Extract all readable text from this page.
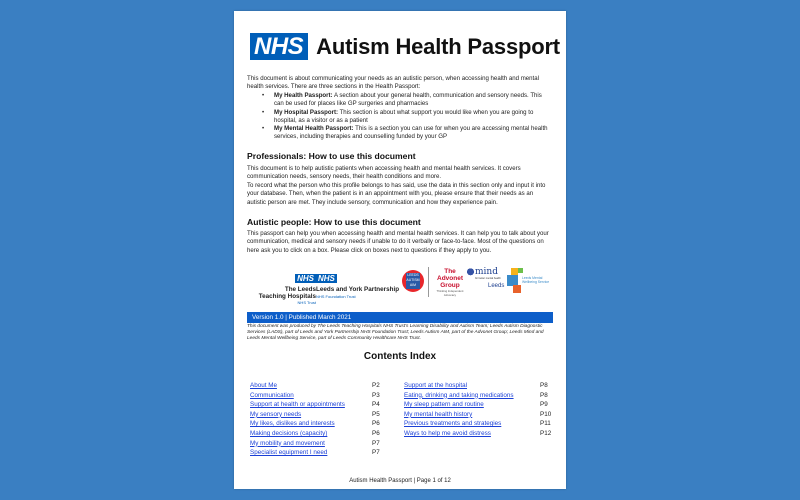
NHS Autism Health Passport
This document is about communicating your needs as an autistic person, when accessing health and mental health services. There are three sections in the Health Passport:
• My Health Passport: A section about your general health, communication and sensory needs. This can be used for places like GP surgeries and pharmacies
• My Hospital Passport: This section is about what support you would like when you are going to hospital, as a visitor or as a patient
• My Mental Health Passport: This is a section you can use for when you are accessing mental health services, including therapies and counselling funded by your GP
Professionals: How to use this document
This document is to help autistic patients when accessing health and mental health services. It covers communication needs, sensory needs, their health conditions and more.
To record what the person who this profile belongs to has said, use the data in this section only and input it into your database. Then, when the patient is in an appointment with you, please ensure that their needs as an autistic person are met. They include sensory, communication and how they experience pain.
Autistic people: How to use this document
This passport can help you when accessing health and mental health services. It can help you to talk about your communication, medical and sensory needs if unable to do it verbally or face-to-face. Most of the questions on here ask you to click on a box. Please click on boxes next to questions if they apply to you.
NHS
The Leeds
Teaching Hospitals
NHS Trust
NHS
Leeds and York Partnership
NHS Foundation Trust
LEEDS AUTISM AIM
The
Advonet
Group
Thinking Independent Advocacy
mind
for better mental health
Leeds
Leeds Mental Wellbeing Service
Version 1.0 | Published March 2021
This document was produced by The Leeds Teaching Hospitals NHS Trust's Learning Disability and Autism Team; Leeds Autism Diagnostic Services (LADS), part of Leeds and York Partnership NHS Foundation Trust; Leeds Autism AIM, part of the Advonet Group; Leeds Mind and Leeds Mental Wellbeing Service, part of Leeds Community Healthcare NHS Trust.
Contents Index
About Me	P2
Communication	P3
Support at health or appointments	P4
My sensory needs	P5
My likes, dislikes and interests	P6
Making decisions (capacity)	P6
My mobility and movement	P7
Specialist equipment I need	P7
Support at the hospital	P8
Eating, drinking and taking medications	P8
My sleep pattern and routine	P9
My mental health history	P10
Previous treatments and strategies	P11
Ways to help me avoid distress	P12
Autism Health Passport | Page 1 of 12
